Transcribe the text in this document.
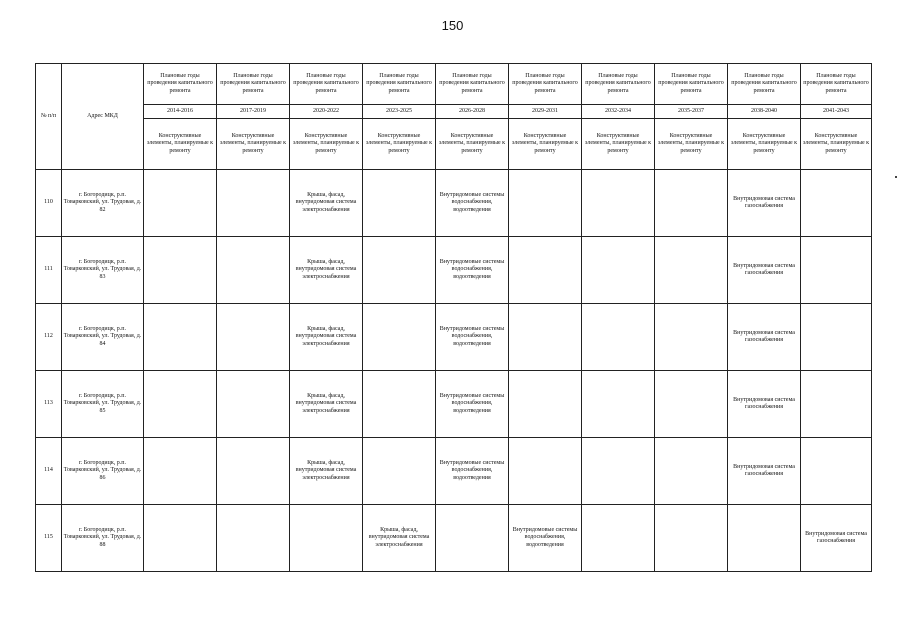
150
№ п/п	Адрес МКД	Плановые годы проведения капитального ремонта	Плановые годы проведения капитального ремонта	Плановые годы проведения капитального ремонта	Плановые годы проведения капитального ремонта	Плановые годы проведения капитального ремонта	Плановые годы проведения капитального ремонта	Плановые годы проведения капитального ремонта	Плановые годы проведения капитального ремонта	Плановые годы проведения капитального ремонта	Плановые годы проведения капитального ремонта
		2014-2016	2017-2019	2020-2022	2023-2025	2026-2028	2029-2031	2032-2034	2035-2037	2038-2040	2041-2043
		Конструктивные элементы, планируемые к ремонту	Конструктивные элементы, планируемые к ремонту	Конструктивные элементы, планируемые к ремонту	Конструктивные элементы, планируемые к ремонту	Конструктивные элементы, планируемые к ремонту	Конструктивные элементы, планируемые к ремонту	Конструктивные элементы, планируемые к ремонту	Конструктивные элементы, планируемые к ремонту	Конструктивные элементы, планируемые к ремонту	Конструктивные элементы, планируемые к ремонту
110	г. Богородицк, р.п. Товарковский, ул. Трудовая, д. 82			Крыша, фасад, внутридомовая система электроснабжения		Внутридомовые системы водоснабжения, водоотведения				Внутридомовая система газоснабжения	
111	г. Богородицк, р.п. Товарковский, ул. Трудовая, д. 83			Крыша, фасад, внутридомовая система электроснабжения		Внутридомовые системы водоснабжения, водоотведения				Внутридомовая система газоснабжения	
112	г. Богородицк, р.п. Товарковский, ул. Трудовая, д. 84			Крыша, фасад, внутридомовая система электроснабжения		Внутридомовые системы водоснабжения, водоотведения				Внутридомовая система газоснабжения	
113	г. Богородицк, р.п. Товарковский, ул. Трудовая, д. 85			Крыша, фасад, внутридомовая система электроснабжения		Внутридомовые системы водоснабжения, водоотведения				Внутридомовая система газоснабжения	
114	г. Богородицк, р.п. Товарковский, ул. Трудовая, д. 86			Крыша, фасад, внутридомовая система электроснабжения		Внутридомовые системы водоснабжения, водоотведения				Внутридомовая система газоснабжения	
115	г. Богородицк, р.п. Товарковский, ул. Трудовая, д. 88				Крыша, фасад, внутридомовая система электроснабжения		Внутридомовые системы водоснабжения, водоотведения				Внутридомовая система газоснабжения
